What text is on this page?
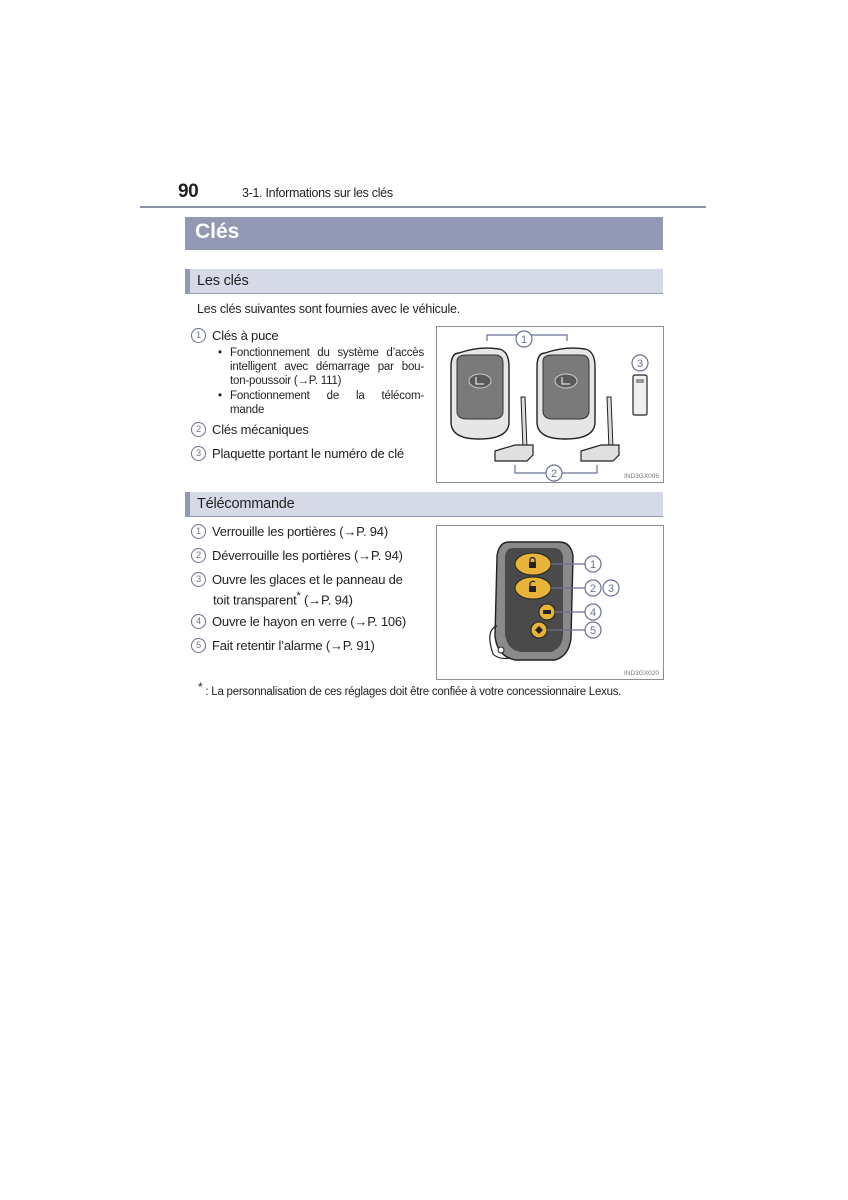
90	3-1. Informations sur les clés
Clés
Les clés
Les clés suivantes sont fournies avec le véhicule.
1 Clés à puce
• Fonctionnement du système d’accès
intelligent avec démarrage par bou-
ton-poussoir (→P. 111)
• Fonctionnement de la télécom-
mande
2 Clés mécaniques
3 Plaquette portant le numéro de clé
1
2
3
IND3GX006
Télécommande
1 Verrouille les portières (→P. 94)
2 Déverrouille les portières (→P. 94)
3 Ouvre les glaces et le panneau de
toit transparent* (→P. 94)
4 Ouvre le hayon en verre (→P. 106)
5 Fait retentir l’alarme (→P. 91)
1
2 3
4
5
IND3GX020
* : La personnalisation de ces réglages doit être confiée à votre concessionnaire Lexus.
